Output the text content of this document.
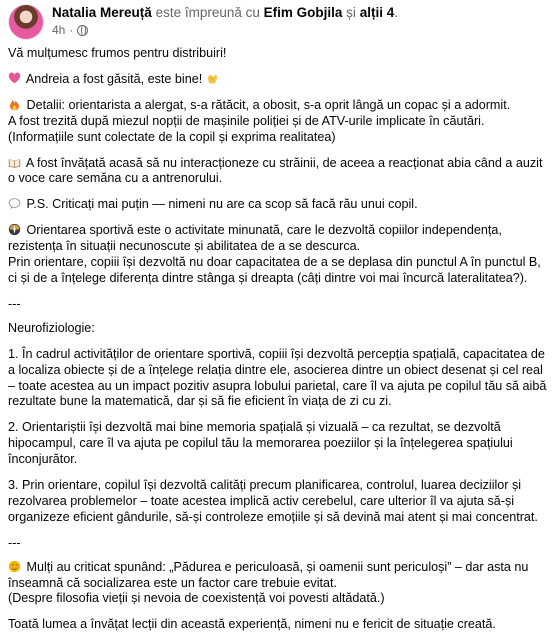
Natalia Mereuță este împreună cu Efim Gobjila și alții 4.
4h ·
Vă mulțumesc frumos pentru distribuiri!
Andreia a fost găsită, este bine!
Detalii: orientarista a alergat, s-a rătăcit, a obosit, s-a oprit lângă un copac și a adormit.
A fost trezită după miezul nopții de mașinile poliției și de ATV-urile implicate în căutări.
(Informațiile sunt colectate de la copil și exprima realitatea)
A fost învățată acasă să nu interacționeze cu străinii, de aceea a reacționat abia când a auzit o voce care semăna cu a antrenorului.
P.S. Criticați mai puțin — nimeni nu are ca scop să facă rău unui copil.
Orientarea sportivă este o activitate minunată, care le dezvoltă copiilor independența, rezistența în situații necunoscute și abilitatea de a se descurca.
Prin orientare, copiii își dezvoltă nu doar capacitatea de a se deplasa din punctul A în punctul B, ci și de a înțelege diferența dintre stânga și dreapta (câți dintre voi mai încurcă lateralitatea?).
---
Neurofiziologie:
1. În cadrul activităților de orientare sportivă, copiii își dezvoltă percepția spațială, capacitatea de a localiza obiecte și de a înțelege relația dintre ele, asocierea dintre un obiect desenat și cel real – toate acestea au un impact pozitiv asupra lobului parietal, care îl va ajuta pe copilul tău să aibă rezultate bune la matematică, dar și să fie eficient în viața de zi cu zi.
2. Orientariștii își dezvoltă mai bine memoria spațială și vizuală – ca rezultat, se dezvoltă hipocampul, care îl va ajuta pe copilul tău la memorarea poeziilor și la înțelegerea spațiului înconjurător.
3. Prin orientare, copilul își dezvoltă calități precum planificarea, controlul, luarea deciziilor și rezolvarea problemelor – toate acestea implică activ cerebelul, care ulterior îl va ajuta să-și organizeze eficient gândurile, să-și controleze emoțiile și să devină mai atent și mai concentrat.
---
Mulți au criticat spunând: „Pădurea e periculoasă, și oamenii sunt periculoși” – dar asta nu înseamnă că socializarea este un factor care trebuie evitat.
(Despre filosofia vieții și nevoia de coexistență voi povesti altădată.)
Toată lumea a învățat lecții din această experiență, nimeni nu e fericit de situație creată.
